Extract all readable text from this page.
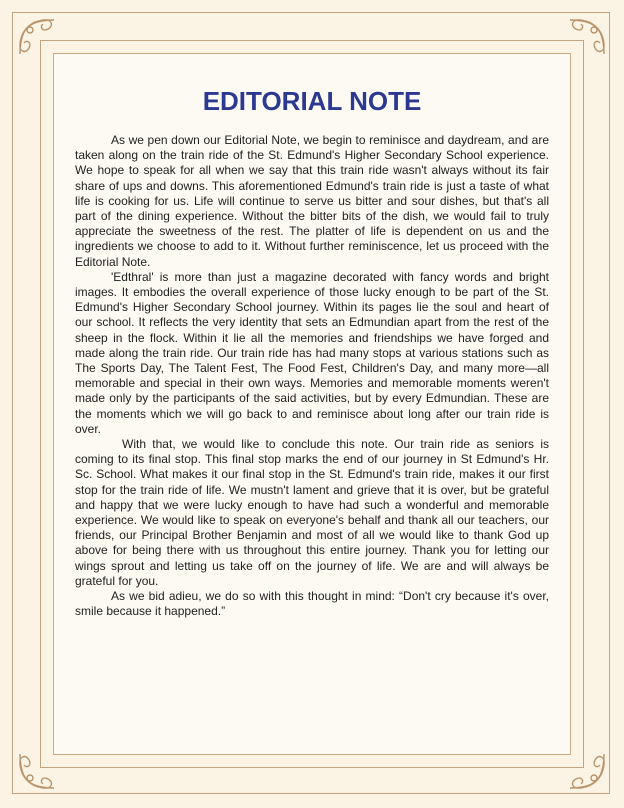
EDITORIAL NOTE

As we pen down our Editorial Note, we begin to reminisce and daydream, and are taken along on the train ride of the St. Edmund's Higher Secondary School experience. We hope to speak for all when we say that this train ride wasn't always without its fair share of ups and downs. This aforementioned Edmund's train ride is just a taste of what life is cooking for us. Life will continue to serve us bitter and sour dishes, but that's all part of the dining experience. Without the bitter bits of the dish, we would fail to truly appreciate the sweetness of the rest. The platter of life is dependent on us and the ingredients we choose to add to it. Without further reminiscence, let us proceed with the Editorial Note.

'Edthral' is more than just a magazine decorated with fancy words and bright images. It embodies the overall experience of those lucky enough to be part of the St. Edmund's Higher Secondary School journey. Within its pages lie the soul and heart of our school. It reflects the very identity that sets an Edmundian apart from the rest of the sheep in the flock. Within it lie all the memories and friendships we have forged and made along the train ride. Our train ride has had many stops at various stations such as The Sports Day, The Talent Fest, The Food Fest, Children's Day, and many more—all memorable and special in their own ways. Memories and memorable moments weren't made only by the participants of the said activities, but by every Edmundian. These are the moments which we will go back to and reminisce about long after our train ride is over.

With that, we would like to conclude this note. Our train ride as seniors is coming to its final stop. This final stop marks the end of our journey in St Edmund's Hr. Sc. School. What makes it our final stop in the St. Edmund's train ride, makes it our first stop for the train ride of life. We mustn't lament and grieve that it is over, but be grateful and happy that we were lucky enough to have had such a wonderful and memorable experience. We would like to speak on everyone's behalf and thank all our teachers, our friends, our Principal Brother Benjamin and most of all we would like to thank God up above for being there with us throughout this entire journey. Thank you for letting our wings sprout and letting us take off on the journey of life. We are and will always be grateful for you.

As we bid adieu, we do so with this thought in mind: “Don't cry because it's over, smile because it happened.”
